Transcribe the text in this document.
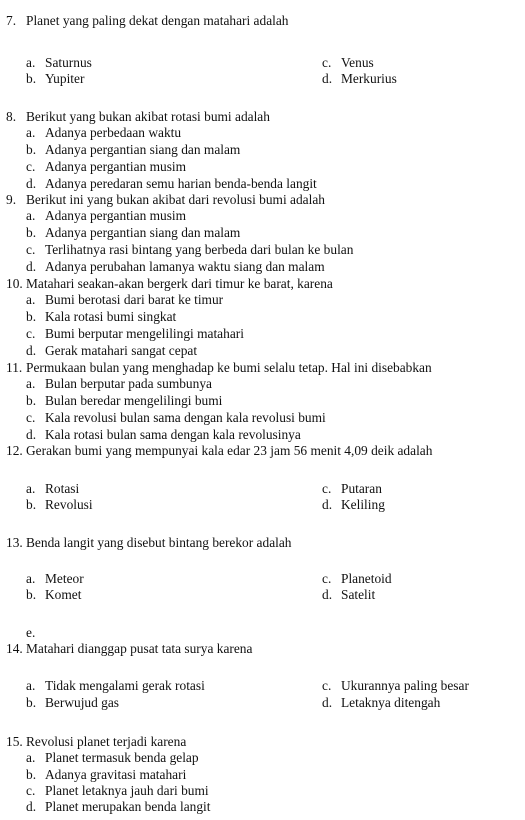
7. Planet yang paling dekat dengan matahari adalah
a. Saturnus
b. Yupiter
c. Venus
d. Merkurius
8. Berikut yang bukan akibat rotasi bumi adalah
a. Adanya perbedaan waktu
b. Adanya pergantian siang dan malam
c. Adanya pergantian musim
d. Adanya peredaran semu harian benda-benda langit
9. Berikut ini yang bukan akibat dari revolusi bumi adalah
a. Adanya pergantian musim
b. Adanya pergantian siang dan malam
c. Terlihatnya rasi bintang yang berbeda dari bulan ke bulan
d. Adanya perubahan lamanya waktu siang dan malam
10. Matahari seakan-akan bergerk dari timur ke barat, karena
a. Bumi berotasi dari barat ke timur
b. Kala rotasi bumi singkat
c. Bumi berputar mengelilingi matahari
d. Gerak matahari sangat cepat
11. Permukaan bulan yang menghadap ke bumi selalu tetap. Hal ini disebabkan
a. Bulan berputar pada sumbunya
b. Bulan beredar mengelilingi bumi
c. Kala revolusi bulan sama dengan kala revolusi bumi
d. Kala rotasi bulan sama dengan kala revolusinya
12. Gerakan bumi yang mempunyai kala edar 23 jam 56 menit 4,09 deik adalah
a. Rotasi
b. Revolusi
c. Putaran
d. Keliling
13. Benda langit yang disebut bintang berekor adalah
a. Meteor
b. Komet
c. Planetoid
d. Satelit
e.
14. Matahari dianggap pusat tata surya karena
a. Tidak mengalami gerak rotasi
b. Berwujud gas
c. Ukurannya paling besar
d. Letaknya ditengah
15. Revolusi planet terjadi karena
a. Planet termasuk benda gelap
b. Adanya gravitasi matahari
c. Planet letaknya jauh dari bumi
d. Planet merupakan benda langit
